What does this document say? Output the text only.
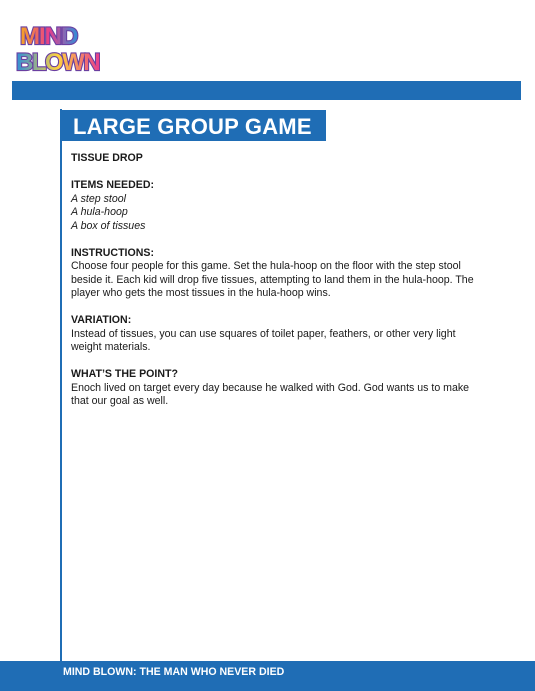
MIND
BLOWN
LARGE GROUP GAME

TISSUE DROP

ITEMS NEEDED:

A step stool

A hula-hoop

A box of tissues

INSTRUCTIONS:

Choose four people for this game. Set the hula-hoop on the floor with the step stool

beside it. Each kid will drop five tissues, attempting to land them in the hula-hoop. The

player who gets the most tissues in the hula-hoop wins.

VARIATION:

Instead of tissues, you can use squares of toilet paper, feathers, or other very light

weight materials.

WHAT’S THE POINT?

Enoch lived on target every day because he walked with God. God wants us to make

that our goal as well.

MIND BLOWN: THE MAN WHO NEVER DIED
